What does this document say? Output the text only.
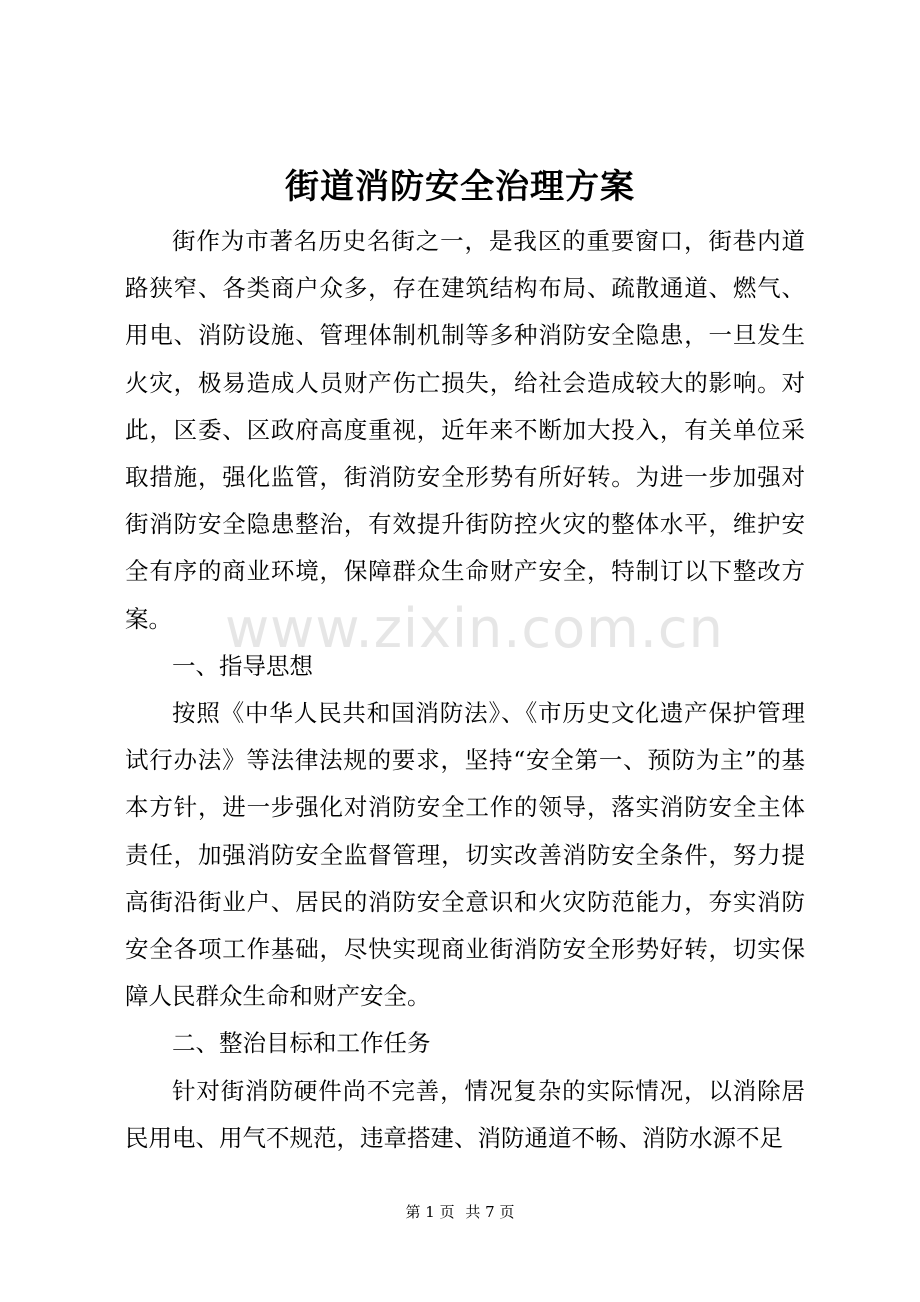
街道消防安全治理方案

街作为市著名历史名街之一，是我区的重要窗口，街巷内道路狭窄、各类商户众多，存在建筑结构布局、疏散通道、燃气、用电、消防设施、管理体制机制等多种消防安全隐患，一旦发生火灾，极易造成人员财产伤亡损失，给社会造成较大的影响。对此，区委、区政府高度重视，近年来不断加大投入，有关单位采取措施，强化监管，街消防安全形势有所好转。为进一步加强对街消防安全隐患整治，有效提升街防控火灾的整体水平，维护安全有序的商业环境，保障群众生命财产安全，特制订以下整改方案。

一、指导思想

按照《中华人民共和国消防法》、《市历史文化遗产保护管理试行办法》等法律法规的要求，坚持“安全第一、预防为主”的基本方针，进一步强化对消防安全工作的领导，落实消防安全主体责任，加强消防安全监督管理，切实改善消防安全条件，努力提高街沿街业户、居民的消防安全意识和火灾防范能力，夯实消防安全各项工作基础，尽快实现商业街消防安全形势好转，切实保障人民群众生命和财产安全。

二、整治目标和工作任务

针对街消防硬件尚不完善，情况复杂的实际情况，以消除居民用电、用气不规范，违章搭建、消防通道不畅、消防水源不足

www.zixin.com.cn
第 1 页 共 7 页
